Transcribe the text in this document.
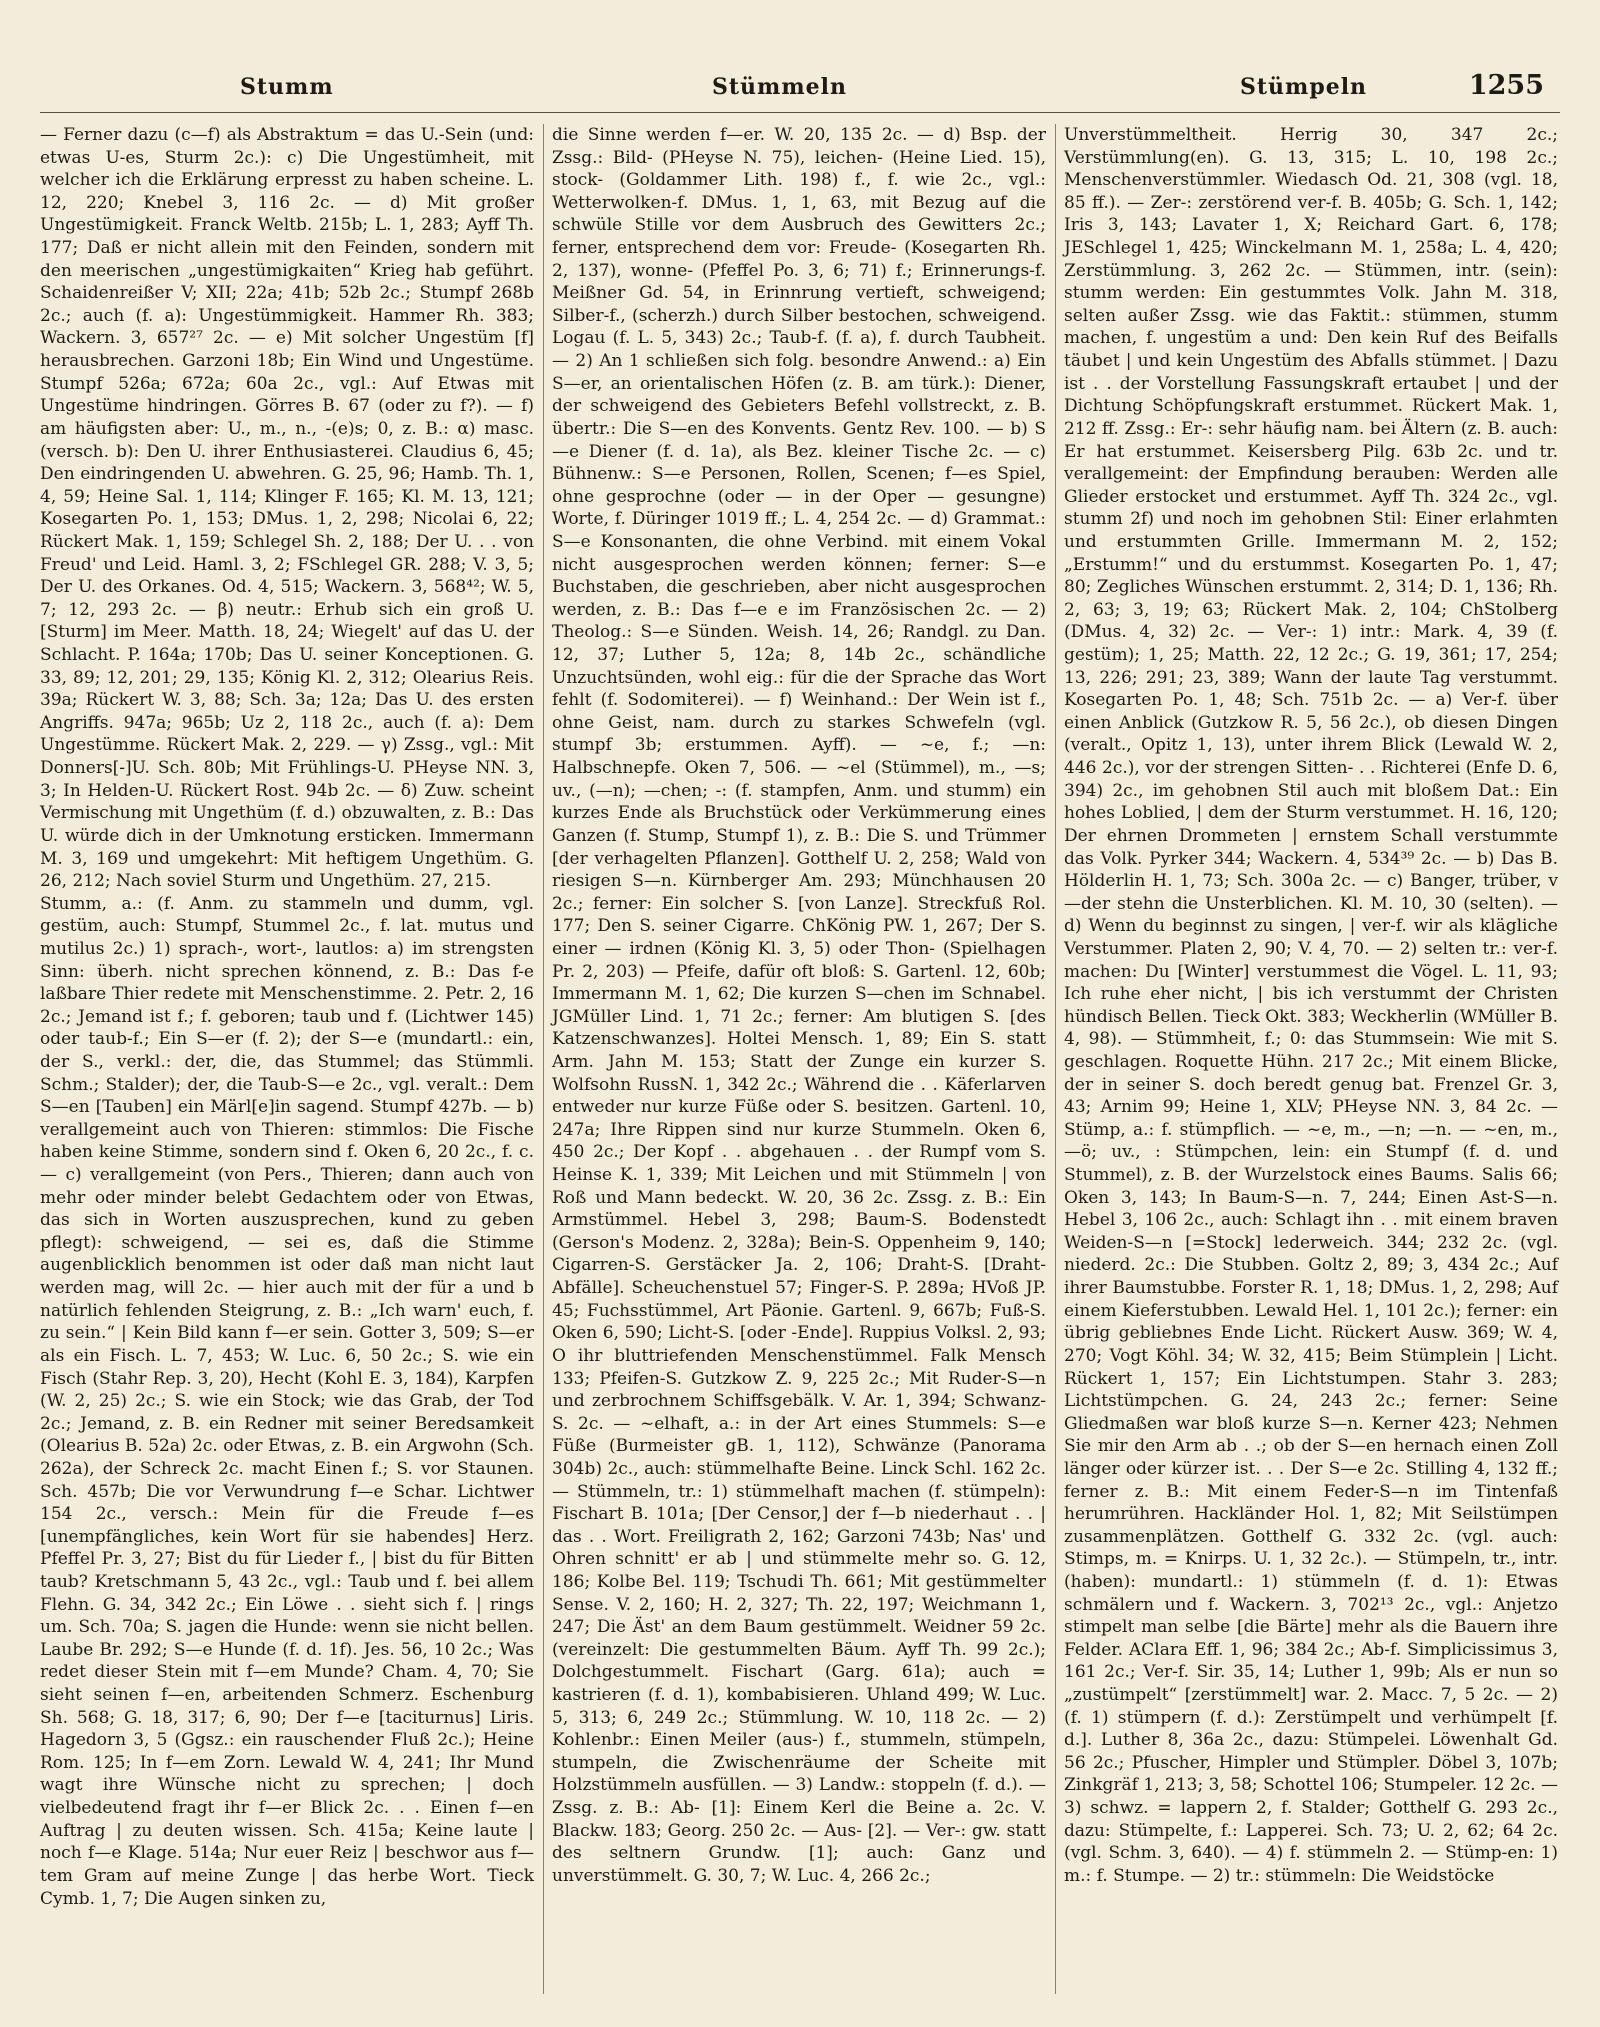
Stumm	Stümmeln	Stümpeln	1255

— Ferner dazu (c—f) als Abstraktum = das U.-Sein (und: etwas U-es, Sturm 2c.): c) Die Ungestümheit, mit welcher ich die Erklärung erpresst zu haben scheine. L. 12, 220; Knebel 3, 116 2c. — d) Mit großer Ungestümigkeit. Franck Weltb. 215b; L. 1, 283; Ayff Th. 177; Daß er nicht allein mit den Feinden, sondern mit den meerischen „ungestümigkaiten“ Krieg hab geführt. Schaidenreißer V; XII; 22a; 41b; 52b 2c.; Stumpf 268b 2c.; auch (f. a): Ungestümmigkeit. Hammer Rh. 383; Wackern. 3, 657²⁷ 2c. — e) Mit solcher Ungestüm [f] herausbrechen. Garzoni 18b; Ein Wind und Ungestüme. Stumpf 526a; 672a; 60a 2c., vgl.: Auf Etwas mit Ungestüme hindringen. Görres B. 67 (oder zu f?). — f) am häufigsten aber: U., m., n., -(e)s; 0, z. B.: α) masc. (versch. b): Den U. ihrer Enthusiasterei. Claudius 6, 45; Den eindringenden U. abwehren. G. 25, 96; Hamb. Th. 1, 4, 59; Heine Sal. 1, 114; Klinger F. 165; Kl. M. 13, 121; Kosegarten Po. 1, 153; DMus. 1, 2, 298; Nicolai 6, 22; Rückert Mak. 1, 159; Schlegel Sh. 2, 188; Der U. . . von Freud' und Leid. Haml. 3, 2; FSchlegel GR. 288; V. 3, 5; Der U. des Orkanes. Od. 4, 515; Wackern. 3, 568⁴²; W. 5, 7; 12, 293 2c. — β) neutr.: Erhub sich ein groß U. [Sturm] im Meer. Matth. 18, 24; Wiegelt' auf das U. der Schlacht. P. 164a; 170b; Das U. seiner Konceptionen. G. 33, 89; 12, 201; 29, 135; König Kl. 2, 312; Olearius Reis. 39a; Rückert W. 3, 88; Sch. 3a; 12a; Das U. des ersten Angriffs. 947a; 965b; Uz 2, 118 2c., auch (f. a): Dem Ungestümme. Rückert Mak. 2, 229. — γ) Zssg., vgl.: Mit Donners[-]U. Sch. 80b; Mit Frühlings-U. PHeyse NN. 3, 3; In Helden-U. Rückert Rost. 94b 2c. — δ) Zuw. scheint Vermischung mit Ungethüm (f. d.) obzuwalten, z. B.: Das U. würde dich in der Umknotung ersticken. Immermann M. 3, 169 und umgekehrt: Mit heftigem Ungethüm. G. 26, 212; Nach soviel Sturm und Ungethüm. 27, 215.
Stumm, a.: (f. Anm. zu stammeln und dumm, vgl. gestüm, auch: Stumpf, Stummel 2c., f. lat. mutus und mutilus 2c.) 1) sprach-, wort-, lautlos: a) im strengsten Sinn: überh. nicht sprechen könnend, z. B.: Das f-e laßbare Thier redete mit Menschenstimme. 2. Petr. 2, 16 2c.; Jemand ist f.; f. geboren; taub und f. (Lichtwer 145) oder taub-f.; Ein S—er (f. 2); der S—e (mundartl.: ein, der S., verkl.: der, die, das Stummel; das Stümmli. Schm.; Stalder); der, die Taub-S—e 2c., vgl. veralt.: Dem S—en [Tauben] ein Märl[e]in sagend. Stumpf 427b. — b) verallgemeint auch von Thieren: stimmlos: Die Fische haben keine Stimme, sondern sind f. Oken 6, 20 2c., f. c. — c) verallgemeint (von Pers., Thieren; dann auch von mehr oder minder belebt Gedachtem oder von Etwas, das sich in Worten auszusprechen, kund zu geben pflegt): schweigend, — sei es, daß die Stimme augenblicklich benommen ist oder daß man nicht laut werden mag, will 2c. — hier auch mit der für a und b natürlich fehlenden Steigrung, z. B.: „Ich warn' euch, f. zu sein.“ | Kein Bild kann f—er sein. Gotter 3, 509; S—er als ein Fisch. L. 7, 453; W. Luc. 6, 50 2c.; S. wie ein Fisch (Stahr Rep. 3, 20), Hecht (Kohl E. 3, 184), Karpfen (W. 2, 25) 2c.; S. wie ein Stock; wie das Grab, der Tod 2c.; Jemand, z. B. ein Redner mit seiner Beredsamkeit (Olearius B. 52a) 2c. oder Etwas, z. B. ein Argwohn (Sch. 262a), der Schreck 2c. macht Einen f.; S. vor Staunen. Sch. 457b; Die vor Verwundrung f—e Schar. Lichtwer 154 2c., versch.: Mein für die Freude f—es [unempfängliches, kein Wort für sie habendes] Herz. Pfeffel Pr. 3, 27; Bist du für Lieder f., | bist du für Bitten taub? Kretschmann 5, 43 2c., vgl.: Taub und f. bei allem Flehn. G. 34, 342 2c.; Ein Löwe . . sieht sich f. | rings um. Sch. 70a; S. jagen die Hunde: wenn sie nicht bellen. Laube Br. 292; S—e Hunde (f. d. 1f). Jes. 56, 10 2c.; Was redet dieser Stein mit f—em Munde? Cham. 4, 70; Sie sieht seinen f—en, arbeitenden Schmerz. Eschenburg Sh. 568; G. 18, 317; 6, 90; Der f—e [taciturnus] Liris. Hagedorn 3, 5 (Ggsz.: ein rauschender Fluß 2c.); Heine Rom. 125; In f—em Zorn. Lewald W. 4, 241; Ihr Mund wagt ihre Wünsche nicht zu sprechen; | doch vielbedeutend fragt ihr f—er Blick 2c. . . Einen f—en Auftrag | zu deuten wissen. Sch. 415a; Keine laute | noch f—e Klage. 514a; Nur euer Reiz | beschwor aus f—tem Gram auf meine Zunge | das herbe Wort. Tieck Cymb. 1, 7; Die Augen sinken zu,

die Sinne werden f—er. W. 20, 135 2c. — d) Bsp. der Zssg.: Bild- (PHeyse N. 75), leichen- (Heine Lied. 15), stock- (Goldammer Lith. 198) f., f. wie 2c., vgl.: Wetterwolken-f. DMus. 1, 1, 63, mit Bezug auf die schwüle Stille vor dem Ausbruch des Gewitters 2c.; ferner, entsprechend dem vor: Freude- (Kosegarten Rh. 2, 137), wonne- (Pfeffel Po. 3, 6; 71) f.; Erinnerungs-f. Meißner Gd. 54, in Erinnrung vertieft, schweigend; Silber-f., (scherzh.) durch Silber bestochen, schweigend. Logau (f. L. 5, 343) 2c.; Taub-f. (f. a), f. durch Taubheit. — 2) An 1 schließen sich folg. besondre Anwend.: a) Ein S—er, an orientalischen Höfen (z. B. am türk.): Diener, der schweigend des Gebieters Befehl vollstreckt, z. B. übertr.: Die S—en des Konvents. Gentz Rev. 100. — b) S—e Diener (f. d. 1a), als Bez. kleiner Tische 2c. — c) Bühnenw.: S—e Personen, Rollen, Scenen; f—es Spiel, ohne gesprochne (oder — in der Oper — gesungne) Worte, f. Düringer 1019 ff.; L. 4, 254 2c. — d) Grammat.: S—e Konsonanten, die ohne Verbind. mit einem Vokal nicht ausgesprochen werden können; ferner: S—e Buchstaben, die geschrieben, aber nicht ausgesprochen werden, z. B.: Das f—e e im Französischen 2c. — 2) Theolog.: S—e Sünden. Weish. 14, 26; Randgl. zu Dan. 12, 37; Luther 5, 12a; 8, 14b 2c., schändliche Unzuchtsünden, wohl eig.: für die der Sprache das Wort fehlt (f. Sodomiterei). — f) Weinhand.: Der Wein ist f., ohne Geist, nam. durch zu starkes Schwefeln (vgl. stumpf 3b; erstummen. Ayff). — ~e, f.; —n: Halbschnepfe. Oken 7, 506. — ~el (Stümmel), m., —s; uv., (—n); —chen; -: (f. stampfen, Anm. und stumm) ein kurzes Ende als Bruchstück oder Verkümmerung eines Ganzen (f. Stump, Stumpf 1), z. B.: Die S. und Trümmer [der verhagelten Pflanzen]. Gotthelf U. 2, 258; Wald von riesigen S—n. Kürnberger Am. 293; Münchhausen 20 2c.; ferner: Ein solcher S. [von Lanze]. Streckfuß Rol. 177; Den S. seiner Cigarre. ChKönig PW. 1, 267; Der S. einer — irdnen (König Kl. 3, 5) oder Thon- (Spielhagen Pr. 2, 203) — Pfeife, dafür oft bloß: S. Gartenl. 12, 60b; Immermann M. 1, 62; Die kurzen S—chen im Schnabel. JGMüller Lind. 1, 71 2c.; ferner: Am blutigen S. [des Katzenschwanzes]. Holtei Mensch. 1, 89; Ein S. statt Arm. Jahn M. 153; Statt der Zunge ein kurzer S. Wolfsohn RussN. 1, 342 2c.; Während die . . Käferlarven entweder nur kurze Füße oder S. besitzen. Gartenl. 10, 247a; Ihre Rippen sind nur kurze Stummeln. Oken 6, 450 2c.; Der Kopf . . abgehauen . . der Rumpf vom S. Heinse K. 1, 339; Mit Leichen und mit Stümmeln | von Roß und Mann bedeckt. W. 20, 36 2c. Zssg. z. B.: Ein Armstümmel. Hebel 3, 298; Baum-S. Bodenstedt (Gerson's Modenz. 2, 328a); Bein-S. Oppenheim 9, 140; Cigarren-S. Gerstäcker Ja. 2, 106; Draht-S. [Draht-Abfälle]. Scheuchenstuel 57; Finger-S. P. 289a; HVoß JP. 45; Fuchsstümmel, Art Päonie. Gartenl. 9, 667b; Fuß-S. Oken 6, 590; Licht-S. [oder -Ende]. Ruppius Volksl. 2, 93; O ihr bluttriefenden Menschenstümmel. Falk Mensch 133; Pfeifen-S. Gutzkow Z. 9, 225 2c.; Mit Ruder-S—n und zerbrochnem Schiffsgebälk. V. Ar. 1, 394; Schwanz-S. 2c. — ~elhaft, a.: in der Art eines Stummels: S—e Füße (Burmeister gB. 1, 112), Schwänze (Panorama 304b) 2c., auch: stümmelhafte Beine. Linck Schl. 162 2c. — Stümmeln, tr.: 1) stümmelhaft machen (f. stümpeln): Fischart B. 101a; [Der Censor,] der f—b niederhaut . . | das . . Wort. Freiligrath 2, 162; Garzoni 743b; Nas' und Ohren schnitt' er ab | und stümmelte mehr so. G. 12, 186; Kolbe Bel. 119; Tschudi Th. 661; Mit gestümmelter Sense. V. 2, 160; H. 2, 327; Th. 22, 197; Weichmann 1, 247; Die Äst' an dem Baum gestümmelt. Weidner 59 2c. (vereinzelt: Die gestummelten Bäum. Ayff Th. 99 2c.); Dolchgestummelt. Fischart (Garg. 61a); auch = kastrieren (f. d. 1), kombabisieren. Uhland 499; W. Luc. 5, 313; 6, 249 2c.; Stümmlung. W. 10, 118 2c. — 2) Kohlenbr.: Einen Meiler (aus-) f., stummeln, stümpeln, stumpeln, die Zwischenräume der Scheite mit Holzstümmeln ausfüllen. — 3) Landw.: stoppeln (f. d.). — Zssg. z. B.: Ab- [1]: Einem Kerl die Beine a. 2c. V. Blackw. 183; Georg. 250 2c. — Aus- [2]. — Ver-: gw. statt des seltnern Grundw. [1]; auch: Ganz und unverstümmelt. G. 30, 7; W. Luc. 4, 266 2c.;

Unverstümmeltheit. Herrig 30, 347 2c.; Verstümmlung(en). G. 13, 315; L. 10, 198 2c.; Menschenverstümmler. Wiedasch Od. 21, 308 (vgl. 18, 85 ff.). — Zer-: zerstörend ver-f. B. 405b; G. Sch. 1, 142; Iris 3, 143; Lavater 1, X; Reichard Gart. 6, 178; JESchlegel 1, 425; Winckelmann M. 1, 258a; L. 4, 420; Zerstümmlung. 3, 262 2c. — Stümmen, intr. (sein): stumm werden: Ein gestummtes Volk. Jahn M. 318, selten außer Zssg. wie das Faktit.: stümmen, stumm machen, f. ungestüm a und: Den kein Ruf des Beifalls täubet | und kein Ungestüm des Abfalls stümmet. | Dazu ist . . der Vorstellung Fassungskraft ertaubet | und der Dichtung Schöpfungskraft erstummet. Rückert Mak. 1, 212 ff. Zssg.: Er-: sehr häufig nam. bei Ältern (z. B. auch: Er hat erstummet. Keisersberg Pilg. 63b 2c. und tr. verallgemeint: der Empfindung berauben: Werden alle Glieder erstocket und erstummet. Ayff Th. 324 2c., vgl. stumm 2f) und noch im gehobnen Stil: Einer erlahmten und erstummten Grille. Immermann M. 2, 152; „Erstumm!“ und du erstummst. Kosegarten Po. 1, 47; 80; Zegliches Wünschen erstummt. 2, 314; D. 1, 136; Rh. 2, 63; 3, 19; 63; Rückert Mak. 2, 104; ChStolberg (DMus. 4, 32) 2c. — Ver-: 1) intr.: Mark. 4, 39 (f. gestüm); 1, 25; Matth. 22, 12 2c.; G. 19, 361; 17, 254; 13, 226; 291; 23, 389; Wann der laute Tag verstummt. Kosegarten Po. 1, 48; Sch. 751b 2c. — a) Ver-f. über einen Anblick (Gutzkow R. 5, 56 2c.), ob diesen Dingen (veralt., Opitz 1, 13), unter ihrem Blick (Lewald W. 2, 446 2c.), vor der strengen Sitten- . . Richterei (Enfe D. 6, 394) 2c., im gehobnen Stil auch mit bloßem Dat.: Ein hohes Loblied, | dem der Sturm verstummet. H. 16, 120; Der ehrnen Drommeten | ernstem Schall verstummte das Volk. Pyrker 344; Wackern. 4, 534³⁹ 2c. — b) Das B. Hölderlin H. 1, 73; Sch. 300a 2c. — c) Banger, trüber, v—der stehn die Unsterblichen. Kl. M. 10, 30 (selten). — d) Wenn du beginnst zu singen, | ver-f. wir als klägliche Verstummer. Platen 2, 90; V. 4, 70. — 2) selten tr.: ver-f. machen: Du [Winter] verstummest die Vögel. L. 11, 93; Ich ruhe eher nicht, | bis ich verstummt der Christen hündisch Bellen. Tieck Okt. 383; Weckherlin (WMüller B. 4, 98). — Stümmheit, f.; 0: das Stummsein: Wie mit S. geschlagen. Roquette Hühn. 217 2c.; Mit einem Blicke, der in seiner S. doch beredt genug bat. Frenzel Gr. 3, 43; Arnim 99; Heine 1, XLV; PHeyse NN. 3, 84 2c. — Stümp, a.: f. stümpflich. — ~e, m., —n; —n. — ~en, m., —ö; uv., : Stümpchen, lein: ein Stumpf (f. d. und Stummel), z. B. der Wurzelstock eines Baums. Salis 66; Oken 3, 143; In Baum-S—n. 7, 244; Einen Ast-S—n. Hebel 3, 106 2c., auch: Schlagt ihn . . mit einem braven Weiden-S—n [=Stock] lederweich. 344; 232 2c. (vgl. niederd. 2c.: Die Stubben. Goltz 2, 89; 3, 434 2c.; Auf ihrer Baumstubbe. Forster R. 1, 18; DMus. 1, 2, 298; Auf einem Kieferstubben. Lewald Hel. 1, 101 2c.); ferner: ein übrig gebliebnes Ende Licht. Rückert Ausw. 369; W. 4, 270; Vogt Köhl. 34; W. 32, 415; Beim Stümplein | Licht. Rückert 1, 157; Ein Lichtstumpen. Stahr 3. 283; Lichtstümpchen. G. 24, 243 2c.; ferner: Seine Gliedmaßen war bloß kurze S—n. Kerner 423; Nehmen Sie mir den Arm ab . .; ob der S—en hernach einen Zoll länger oder kürzer ist. . . Der S—e 2c. Stilling 4, 132 ff.; ferner z. B.: Mit einem Feder-S—n im Tintenfaß herumrühren. Hackländer Hol. 1, 82; Mit Seilstümpen zusammenplätzen. Gotthelf G. 332 2c. (vgl. auch: Stimps, m. = Knirps. U. 1, 32 2c.). — Stümpeln, tr., intr. (haben): mundartl.: 1) stümmeln (f. d. 1): Etwas schmälern und f. Wackern. 3, 702¹³ 2c., vgl.: Anjetzo stimpelt man selbe [die Bärte] mehr als die Bauern ihre Felder. AClara Eff. 1, 96; 384 2c.; Ab-f. Simplicissimus 3, 161 2c.; Ver-f. Sir. 35, 14; Luther 1, 99b; Als er nun so „zustümpelt“ [zerstümmelt] war. 2. Macc. 7, 5 2c. — 2) (f. 1) stümpern (f. d.): Zerstümpelt und verhümpelt [f. d.]. Luther 8, 36a 2c., dazu: Stümpelei. Löwenhalt Gd. 56 2c.; Pfuscher, Himpler und Stümpler. Döbel 3, 107b; Zinkgräf 1, 213; 3, 58; Schottel 106; Stumpeler. 12 2c. — 3) schwz. = lappern 2, f. Stalder; Gotthelf G. 293 2c., dazu: Stümpelte, f.: Lapperei. Sch. 73; U. 2, 62; 64 2c. (vgl. Schm. 3, 640). — 4) f. stümmeln 2. — Stümp-en: 1) m.: f. Stumpe. — 2) tr.: stümmeln: Die Weidstöcke
